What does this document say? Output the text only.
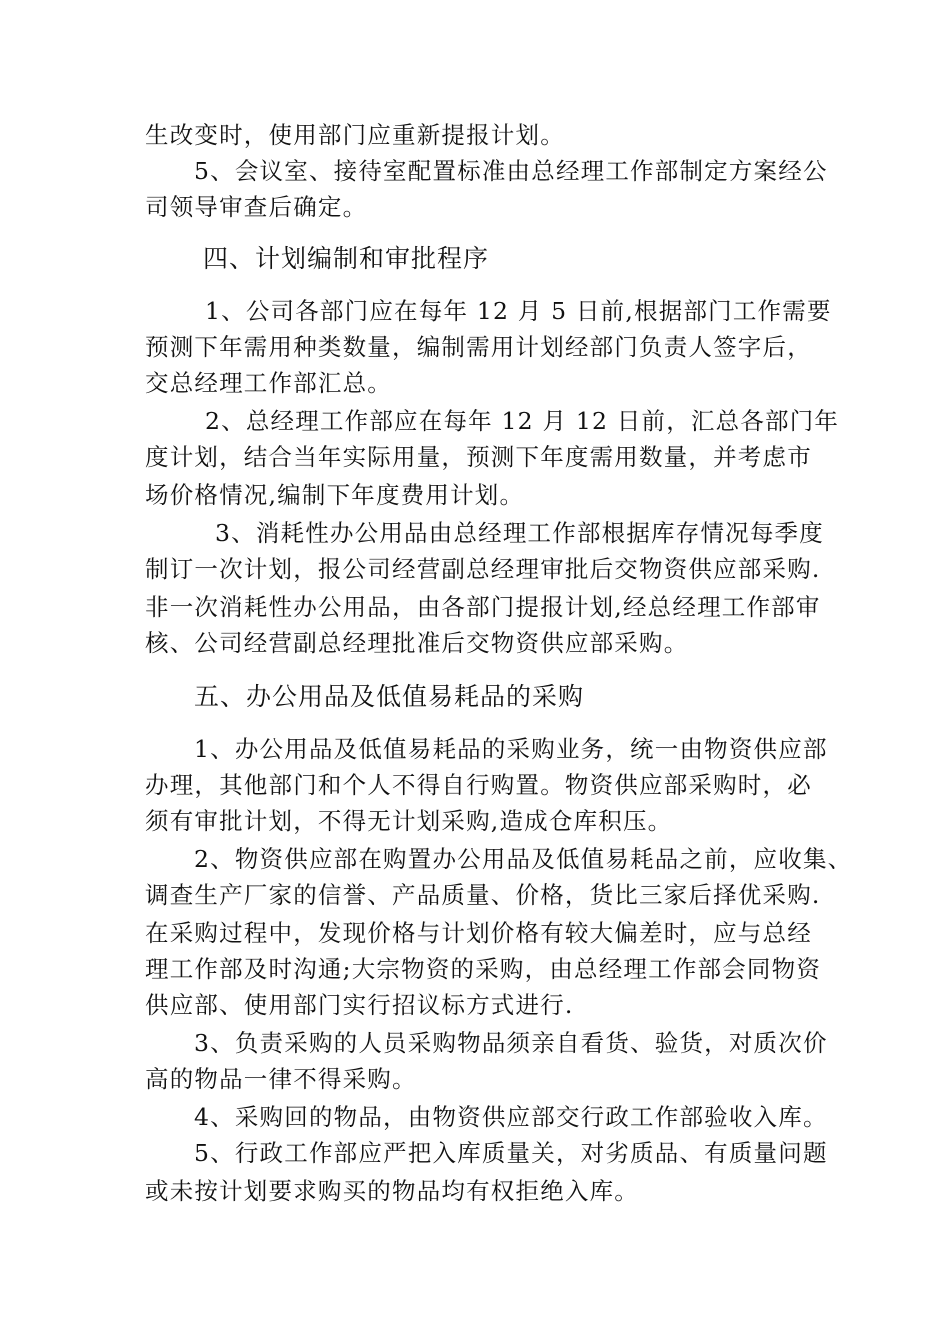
生改变时，使用部门应重新提报计划。
5、会议室、接待室配置标准由总经理工作部制定方案经公
司领导审查后确定。
四、计划编制和审批程序
1、公司各部门应在每年 12 月 5 日前,根据部门工作需要
预测下年需用种类数量，编制需用计划经部门负责人签字后，
交总经理工作部汇总。
2、总经理工作部应在每年 12 月 12 日前，汇总各部门年
度计划，结合当年实际用量，预测下年度需用数量，并考虑市
场价格情况,编制下年度费用计划。
3、消耗性办公用品由总经理工作部根据库存情况每季度
制订一次计划，报公司经营副总经理审批后交物资供应部采购.
非一次消耗性办公用品，由各部门提报计划,经总经理工作部审
核、公司经营副总经理批准后交物资供应部采购。
五、办公用品及低值易耗品的采购
1、办公用品及低值易耗品的采购业务，统一由物资供应部
办理，其他部门和个人不得自行购置。物资供应部采购时，必
须有审批计划，不得无计划采购,造成仓库积压。
2、物资供应部在购置办公用品及低值易耗品之前，应收集、
调查生产厂家的信誉、产品质量、价格，货比三家后择优采购.
在采购过程中，发现价格与计划价格有较大偏差时，应与总经
理工作部及时沟通;大宗物资的采购，由总经理工作部会同物资
供应部、使用部门实行招议标方式进行.
3、负责采购的人员采购物品须亲自看货、验货，对质次价
高的物品一律不得采购。
4、采购回的物品，由物资供应部交行政工作部验收入库。
5、行政工作部应严把入库质量关，对劣质品、有质量问题
或未按计划要求购买的物品均有权拒绝入库。
